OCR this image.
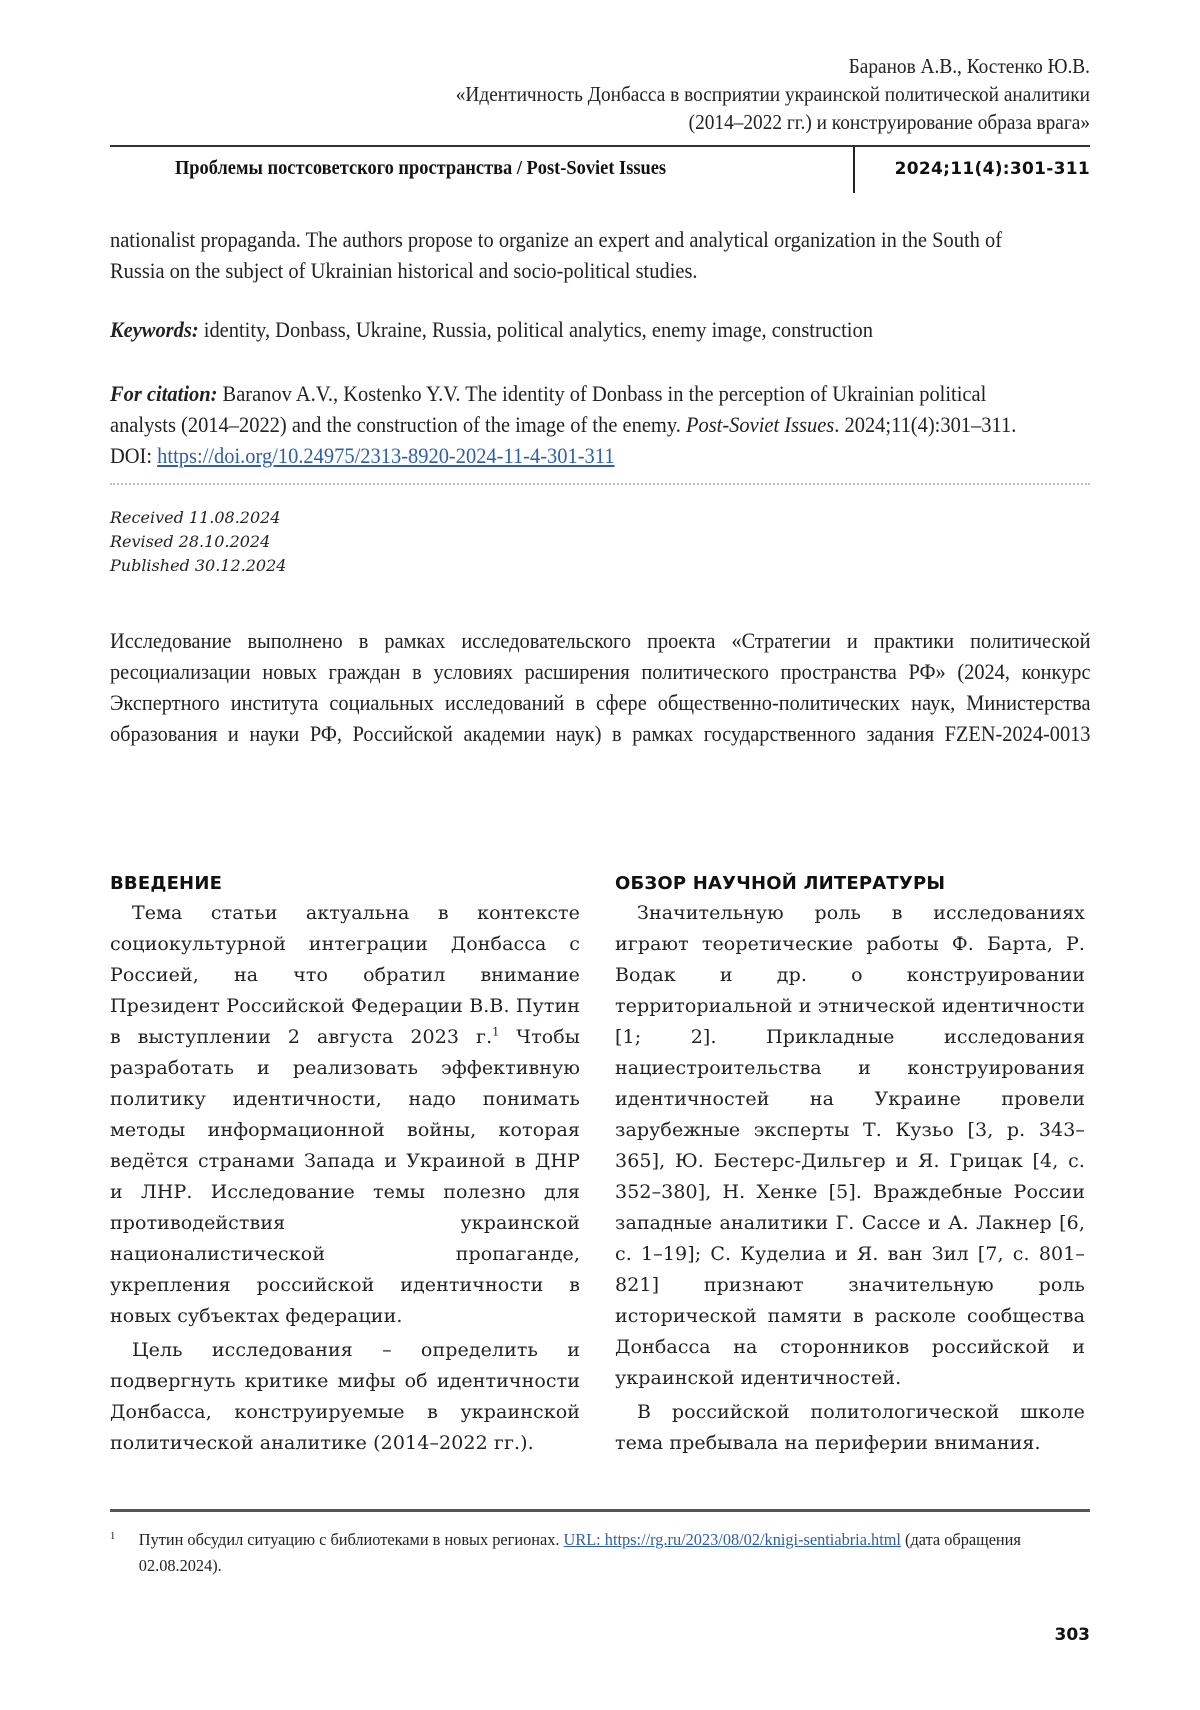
Баранов А.В., Костенко Ю.В.
«Идентичность Донбасса в восприятии украинской политической аналитики
(2014–2022 гг.) и конструирование образа врага»
Проблемы постсоветского пространства / Post-Soviet Issues	2024;11(4):301-311

nationalist propaganda. The authors propose to organize an expert and analytical organization in the South of Russia on the subject of Ukrainian historical and socio-political studies.

Keywords: identity, Donbass, Ukraine, Russia, political analytics, enemy image, construction

For citation: Baranov A.V., Kostenko Y.V. The identity of Donbass in the perception of Ukrainian political analysts (2014–2022) and the construction of the image of the enemy. Post-Soviet Issues. 2024;11(4):301–311. DOI: https://doi.org/10.24975/2313-8920-2024-11-4-301-311

Received 11.08.2024
Revised 28.10.2024
Published 30.12.2024

Исследование выполнено в рамках исследовательского проекта «Стратегии и практики политической ресоциализации новых граждан в условиях расширения политического пространства РФ» (2024, конкурс Экспертного института социальных исследований в сфере общественно-политических наук, Министерства образования и науки РФ, Российской академии наук) в рамках государственного задания FZEN-2024-0013

ВВЕДЕНИЕ

Тема статьи актуальна в контексте социокультурной интеграции Донбасса с Россией, на что обратил внимание Президент Российской Федерации В.В. Путин в выступлении 2 августа 2023 г.$^1$ Чтобы разработать и реализовать эффективную политику идентичности, надо понимать методы информационной войны, которая ведётся странами Запада и Украиной в ДНР и ЛНР. Исследование темы полезно для противодействия украинской националистической пропаганде, укрепления российской идентичности в новых субъектах федерации.

Цель исследования – определить и подвергнуть критике мифы об идентичности Донбасса, конструируемые в украинской политической аналитике (2014–2022 гг.).

ОБЗОР НАУЧНОЙ ЛИТЕРАТУРЫ

Значительную роль в исследованиях играют теоретические работы Ф. Барта, Р. Водак и др. о конструировании территориальной и этнической идентичности [1; 2]. Прикладные исследования нациестроительства и конструирования идентичностей на Украине провели зарубежные эксперты Т. Кузьо [3, p. 343–365], Ю. Бестерс-Дильгер и Я. Грицак [4, с. 352–380], Н. Хенке [5]. Враждебные России западные аналитики Г. Сассе и А. Лакнер [6, с. 1–19]; С. Куделиа и Я. ван Зил [7, с. 801–821] признают значительную роль исторической памяти в расколе сообщества Донбасса на сторонников российской и украинской идентичностей.

В российской политологической школе тема пребывала на периферии внимания.

1 Путин обсудил ситуацию с библиотеками в новых регионах. URL: https://rg.ru/2023/08/02/knigi-sentiabria.html (дата обращения 02.08.2024).
303
